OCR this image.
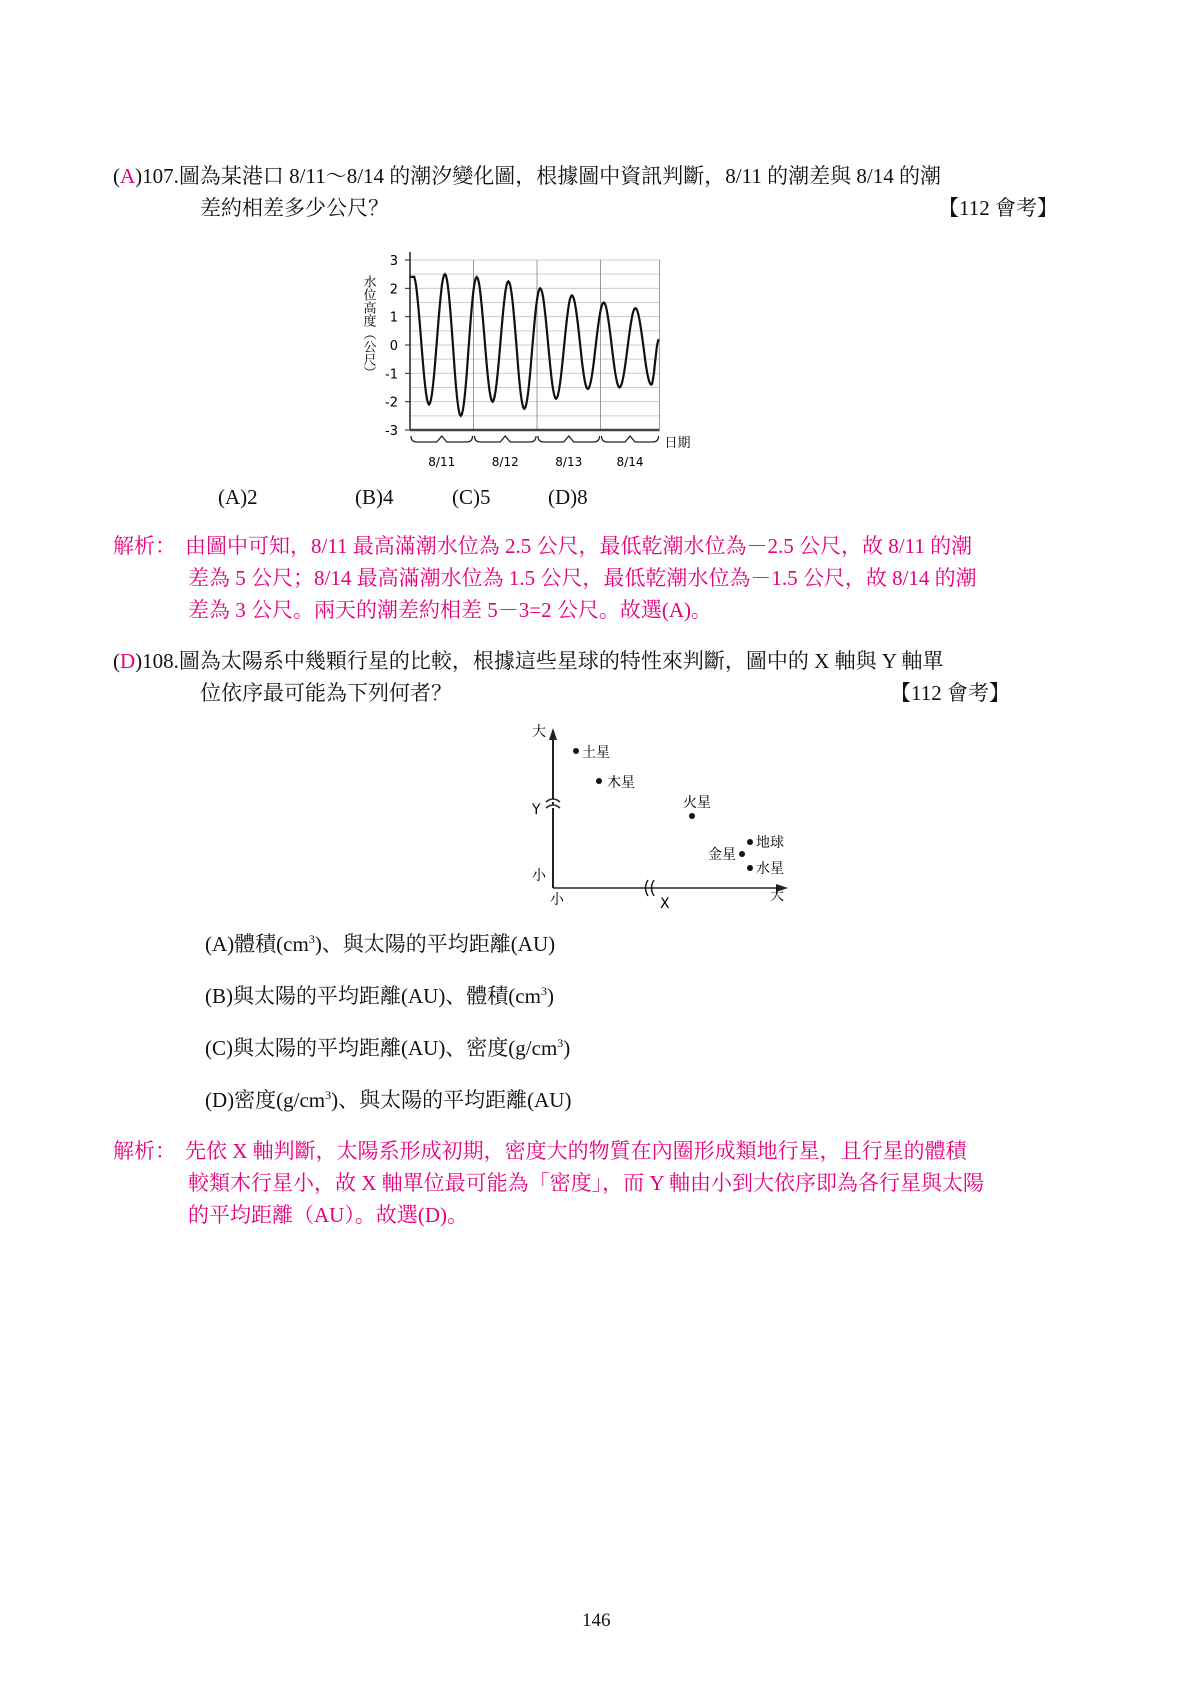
(A)107.圖為某港口 8/11～8/14 的潮汐變化圖，根據圖中資訊判斷，8/11 的潮差與 8/14 的潮
差約相差多少公尺？	【112 會考】
3
2
1
0
-1
-2
-3
水位高度（公尺）
8/11	8/12	8/13	8/14
日期
(A)2	(B)4	(C)5	(D)8
解析： 由圖中可知，8/11 最高滿潮水位為 2.5 公尺，最低乾潮水位為－2.5 公尺，故 8/11 的潮
差為 5 公尺；8/14 最高滿潮水位為 1.5 公尺，最低乾潮水位為－1.5 公尺，故 8/14 的潮
差為 3 公尺。兩天的潮差約相差 5－3=2 公尺。故選(A)。
(D)108.圖為太陽系中幾顆行星的比較，根據這些星球的特性來判斷，圖中的 X 軸與 Y 軸單
位依序最可能為下列何者？	【112 會考】
大
Y
小
小	X	大
土星
木星
火星
地球
金星
水星
(A)體積$(cm^3)$、與太陽的平均距離(AU)
(B)與太陽的平均距離(AU)、體積$(cm^3)$
(C)與太陽的平均距離(AU)、密度$(g/cm^3)$
(D)密度$(g/cm^3)$、與太陽的平均距離(AU)
解析： 先依 X 軸判斷，太陽系形成初期，密度大的物質在內圈形成類地行星，且行星的體積
較類木行星小，故 X 軸單位最可能為「密度」，而 Y 軸由小到大依序即為各行星與太陽
的平均距離（AU）。故選(D)。
146
